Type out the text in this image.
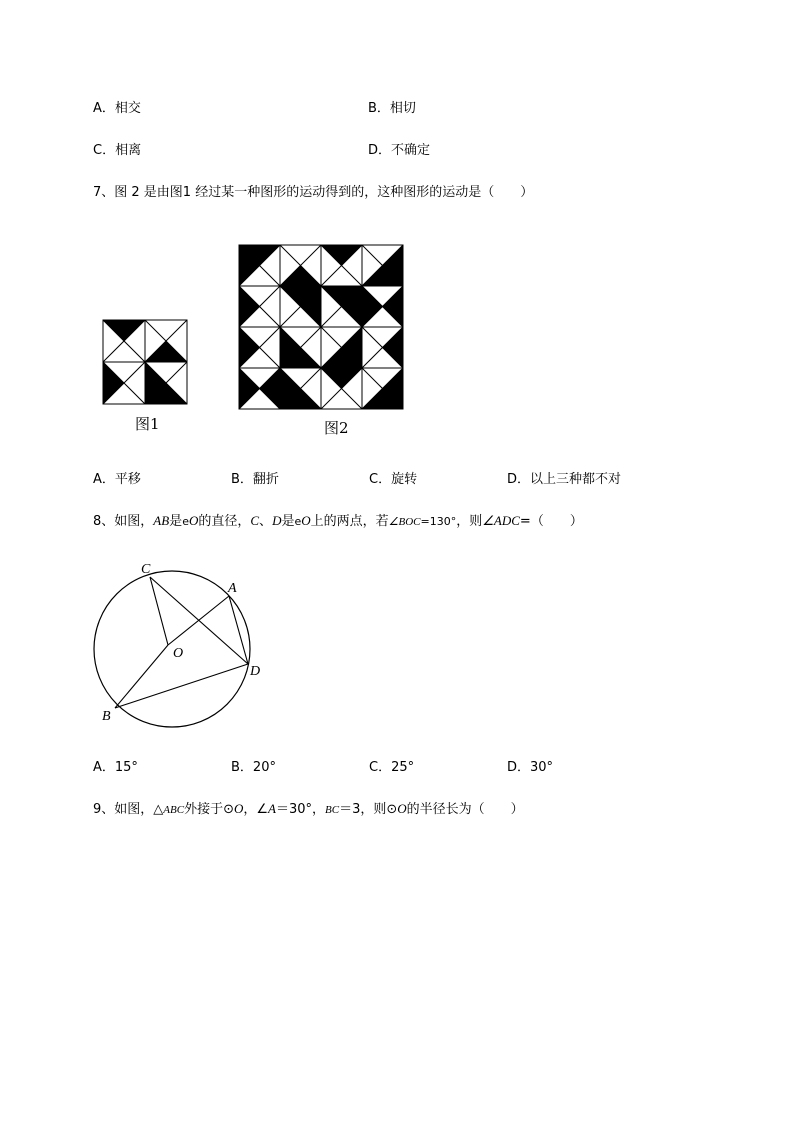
A．相交	B．相切
C．相离	D．不确定
7、图 2 是由图1 经过某一种图形的运动得到的，这种图形的运动是（　　）
图1	图2
A．平移	B．翻折	C．旋转	D．以上三种都不对
8、如图，AB是eO的直径，C、D是eO上的两点，若∠BOC=130°，则∠ADC=（　　）
C
A
O
D
B
A．15°	B．20°	C．25°	D．30°
9、如图，△ABC外接于⊙O，∠A＝30°，BC＝3，则⊙O的半径长为（　　）
